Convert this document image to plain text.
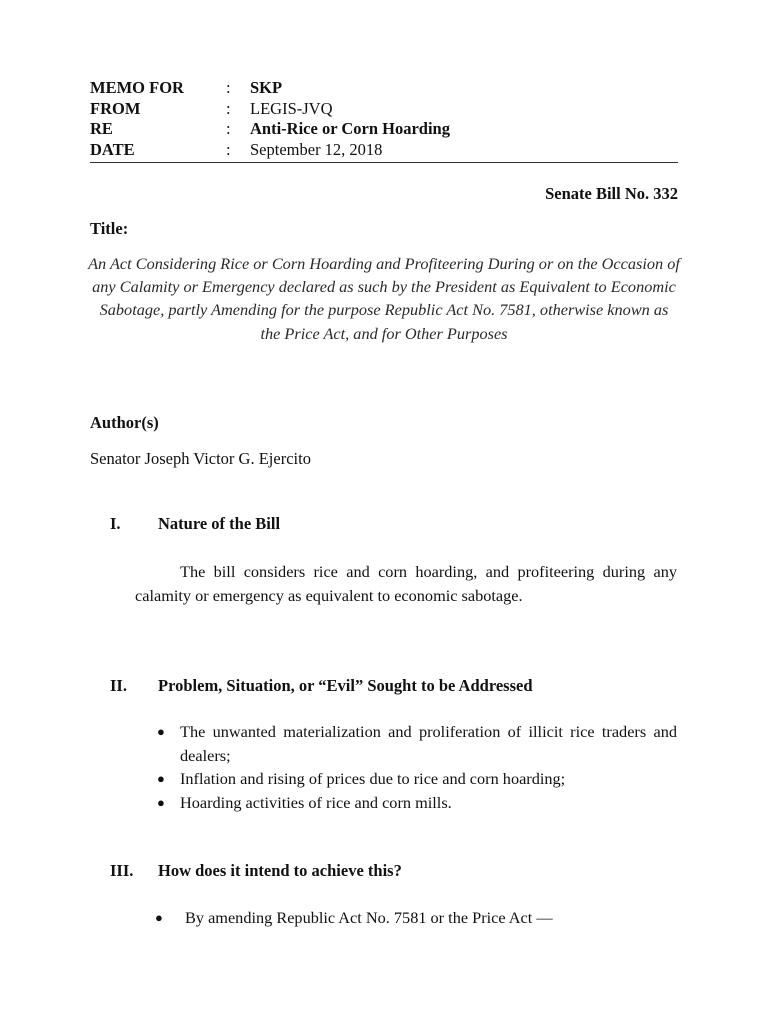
MEMO FOR	:	SKP
FROM	:	LEGIS-JVQ
RE	:	Anti-Rice or Corn Hoarding
DATE	:	September 12, 2018
Senate Bill No. 332
Title:
An Act Considering Rice or Corn Hoarding and Profiteering During or on the Occasion of any Calamity or Emergency declared as such by the President as Equivalent to Economic Sabotage, partly Amending for the purpose Republic Act No. 7581, otherwise known as the Price Act, and for Other Purposes
Author(s)
Senator Joseph Victor G. Ejercito
I.	Nature of the Bill
The bill considers rice and corn hoarding, and profiteering during any calamity or emergency as equivalent to economic sabotage.
II.	Problem, Situation, or “Evil” Sought to be Addressed
● The unwanted materialization and proliferation of illicit rice traders and dealers;
● Inflation and rising of prices due to rice and corn hoarding;
● Hoarding activities of rice and corn mills.
III.	How does it intend to achieve this?
● By amending Republic Act No. 7581 or the Price Act —
